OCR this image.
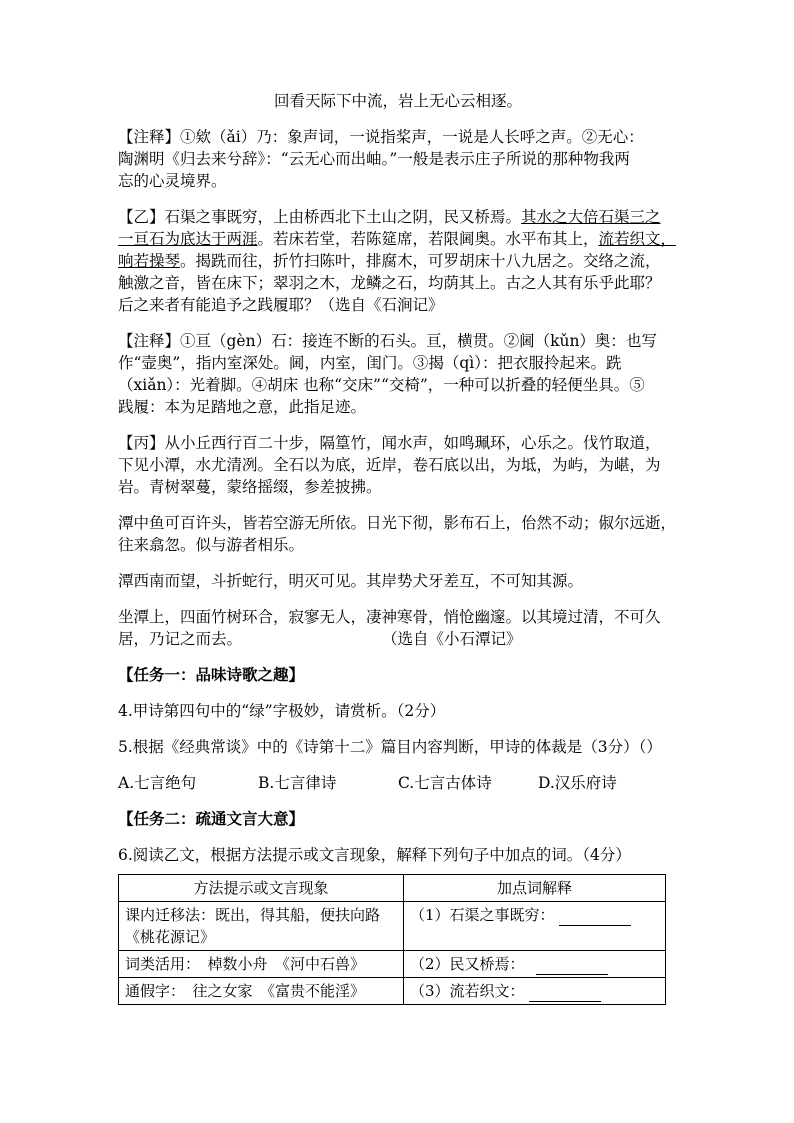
回看天际下中流，岩上无心云相逐。
【注释】①欸（ǎi）乃：象声词，一说指桨声，一说是人长呼之声。②无心：
陶渊明《归去来兮辞》：“云无心而出岫。”一般是表示庄子所说的那种物我两
忘的心灵境界。
【乙】石渠之事既穷，上由桥西北下土山之阴，民又桥焉。其水之大倍石渠三之
一亘石为底达于两涯。若床若堂，若陈筵席，若限阃奥。水平布其上，流若织文，
响若操琴。揭跣而往，折竹扫陈叶，排腐木，可罗胡床十八九居之。交络之流，
触激之音，皆在床下；翠羽之木，龙鳞之石，均荫其上。古之人其有乐乎此耶？
后之来者有能追予之践履耶？（选自《石涧记》
【注释】①亘（gèn）石：接连不断的石头。亘，横贯。②阃（kǔn）奥：也写
作“壸奥”，指内室深处。阃，内室，闺门。③揭（qì）：把衣服拎起来。跣
（xiǎn）：光着脚。④胡床 也称“交床”“交椅”，一种可以折叠的轻便坐具。⑤
践履：本为足踏地之意，此指足迹。
【丙】从小丘西行百二十步，隔篁竹，闻水声，如鸣珮环，心乐之。伐竹取道，
下见小潭，水尤清冽。全石以为底，近岸，卷石底以出，为坻，为屿，为嵁，为
岩。青树翠蔓，蒙络摇缀，参差披拂。
潭中鱼可百许头，皆若空游无所依。日光下彻，影布石上，佁然不动；俶尔远逝，
往来翕忽。似与游者相乐。
潭西南而望，斗折蛇行，明灭可见。其岸势犬牙差互，不可知其源。
坐潭上，四面竹树环合，寂寥无人，凄神寒骨，悄怆幽邃。以其境过清，不可久
居，乃记之而去。	（选自《小石潭记》
【任务一：品味诗歌之趣】
4.甲诗第四句中的“绿”字极妙，请赏析。（2分）
5.根据《经典常谈》中的《诗第十二》篇目内容判断，甲诗的体裁是（3分）（）
A.七言绝句	B.七言律诗	C.七言古体诗	D.汉乐府诗
【任务二：疏通文言大意】
6.阅读乙文，根据方法提示或文言现象，解释下列句子中加点的词。（4分）
方法提示或文言现象	加点词解释

课内迁移法：既出，得其船，便扶向路
《桃花源记》	（1）石渠之事既穷：

词类活用：　棹数小舟　《河中石兽》	（2）民又桥焉：　

通假字：　往之女家　《富贵不能淫》	（3）流若织文：
